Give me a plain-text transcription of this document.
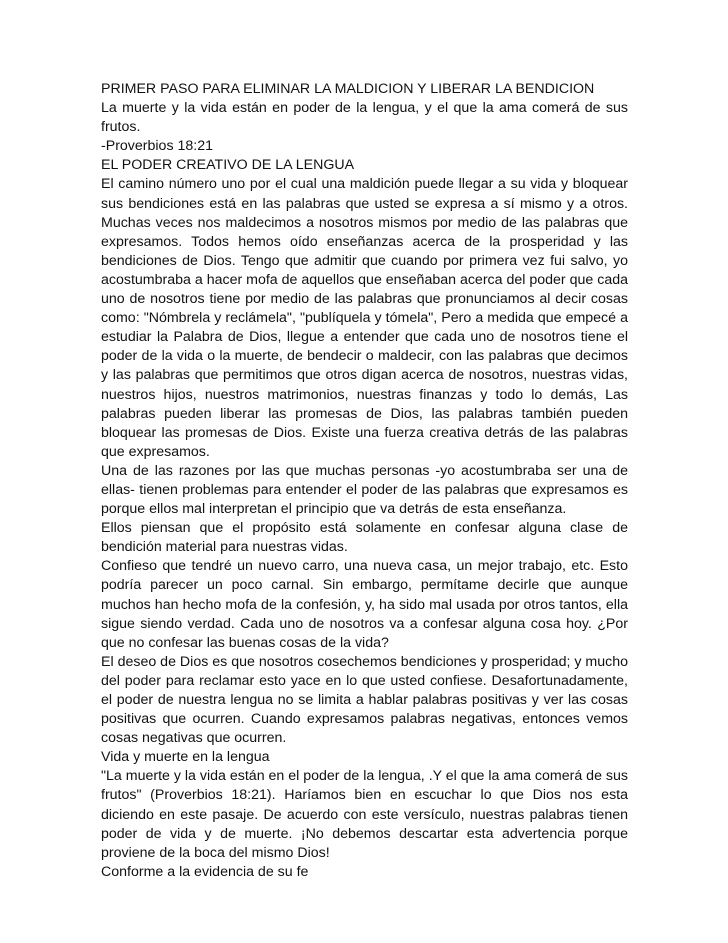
PRIMER PASO PARA ELIMINAR LA MALDICION Y LIBERAR LA BENDICION

La muerte y la vida están en poder de la lengua, y el que la ama comerá de sus frutos.

-Proverbios 18:21

EL PODER CREATIVO DE LA LENGUA

El camino número uno por el cual una maldición puede llegar a su vida y bloquear sus bendiciones está en las palabras que usted se expresa a sí mismo y a otros. Muchas veces nos maldecimos a nosotros mismos por medio de las palabras que expresamos. Todos hemos oído enseñanzas acerca de la prosperidad y las bendiciones de Dios. Tengo que admitir que cuando por primera vez fui salvo, yo acostumbraba a hacer mofa de aquellos que enseñaban acerca del poder que cada uno de nosotros tiene por medio de las palabras que pronunciamos al decir cosas como: "Nómbrela y reclámela", "publíquela y tómela", Pero a medida que empecé a estudiar la Palabra de Dios, llegue a entender que cada uno de nosotros tiene el poder de la vida o la muerte, de bendecir o maldecir, con las palabras que decimos y las palabras que permitimos que otros digan acerca de nosotros, nuestras vidas, nuestros hijos, nuestros matrimonios, nuestras finanzas y todo lo demás, Las palabras pueden liberar las promesas de Dios, las palabras también pueden bloquear las promesas de Dios. Existe una fuerza creativa detrás de las palabras que expresamos.

Una de las razones por las que muchas personas -yo acostumbraba ser una de ellas- tienen problemas para entender el poder de las palabras que expresamos es porque ellos mal interpretan el principio que va detrás de esta enseñanza.

Ellos piensan que el propósito está solamente en confesar alguna clase de bendición material para nuestras vidas.

Confieso que tendré un nuevo carro, una nueva casa, un mejor trabajo, etc. Esto podría parecer un poco carnal. Sin embargo, permítame decirle que aunque muchos han hecho mofa de la confesión, y, ha sido mal usada por otros tantos, ella sigue siendo verdad. Cada uno de nosotros va a confesar alguna cosa hoy. ¿Por que no confesar las buenas cosas de la vida?

El deseo de Dios es que nosotros cosechemos bendiciones y prosperidad; y mucho del poder para reclamar esto yace en lo que usted confiese. Desafortunadamente, el poder de nuestra lengua no se limita a hablar palabras positivas y ver las cosas positivas que ocurren. Cuando expresamos palabras negativas, entonces vemos cosas negativas que ocurren.

Vida y muerte en la lengua

"La muerte y la vida están en el poder de la lengua, .Y el que la ama comerá de sus frutos" (Proverbios 18:21). Haríamos bien en escuchar lo que Dios nos esta diciendo en este pasaje. De acuerdo con este versículo, nuestras palabras tienen poder de vida y de muerte. ¡No debemos descartar esta advertencia porque proviene de la boca del mismo Dios!

Conforme a la evidencia de su fe
